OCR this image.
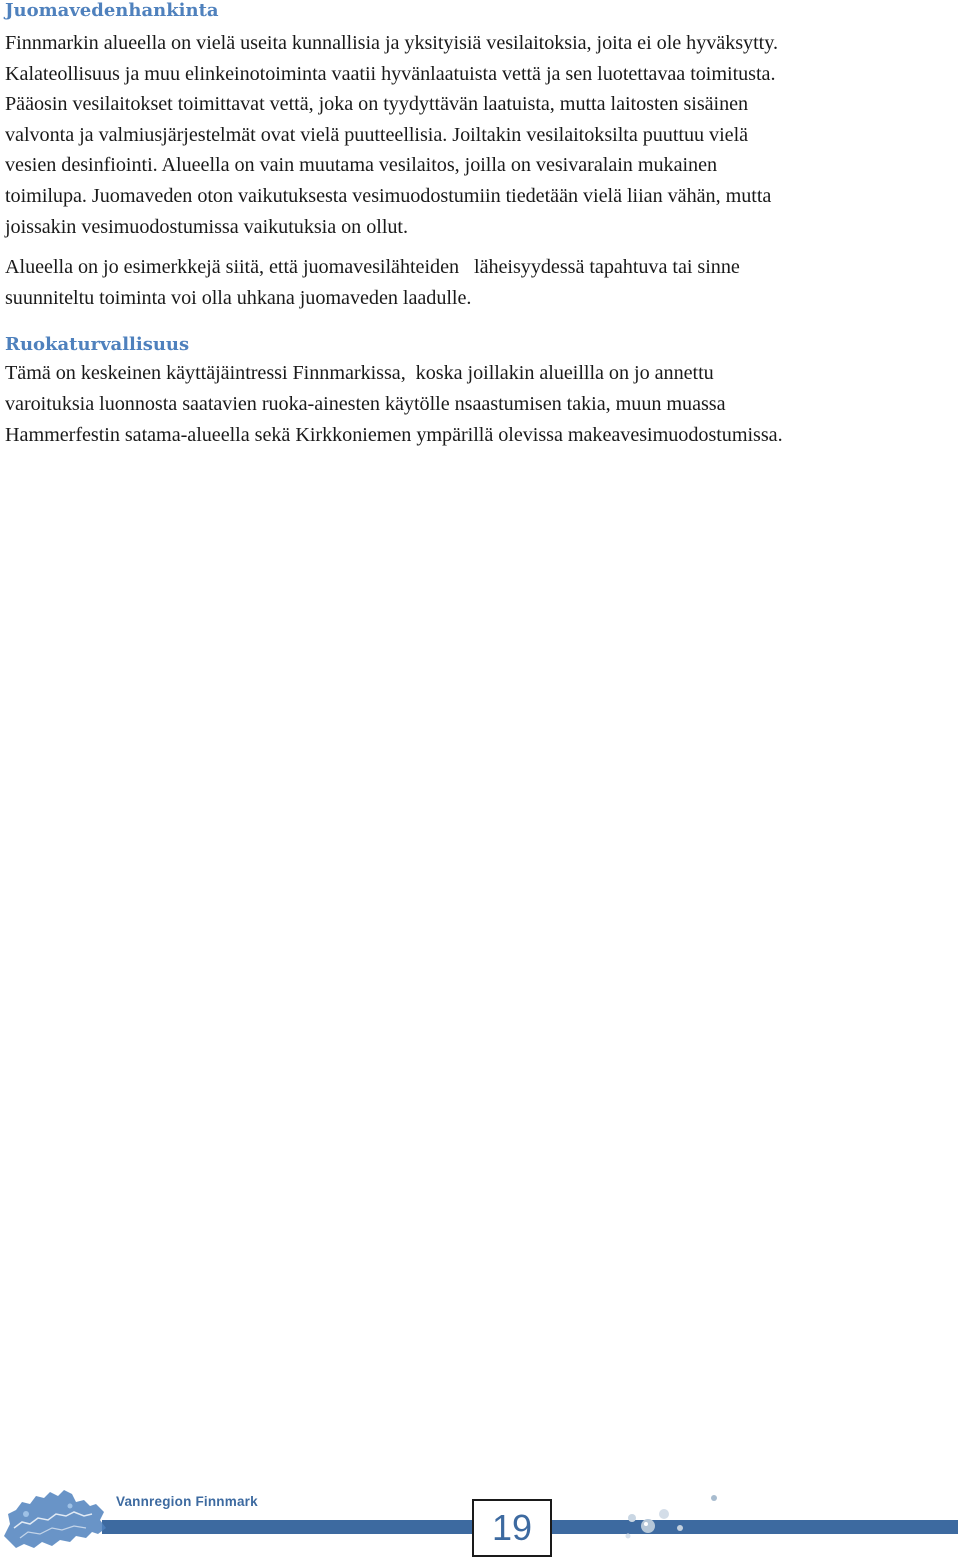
Juomavedenhankinta
Finnmarkin alueella on vielä useita kunnallisia ja yksityisiä vesilaitoksia, joita ei ole hyväksytty.
Kalateollisuus ja muu elinkeinotoiminta vaatii hyvänlaatuista vettä ja sen luotettavaa toimitusta.
Pääosin vesilaitokset toimittavat vettä, joka on tyydyttävän laatuista, mutta laitosten sisäinen
valvonta ja valmiusjärjestelmät ovat vielä puutteellisia. Joiltakin vesilaitoksilta puuttuu vielä
vesien desinfiointi. Alueella on vain muutama vesilaitos, joilla on vesivaralain mukainen
toimilupa. Juomaveden oton vaikutuksesta vesimuodostumiin tiedetään vielä liian vähän, mutta
joissakin vesimuodostumissa vaikutuksia on ollut.
Alueella on jo esimerkkejä siitä, että juomavesilähteiden   läheisyydessä tapahtuva tai sinne
suunniteltu toiminta voi olla uhkana juomaveden laadulle.
Ruokaturvallisuus
Tämä on keskeinen käyttäjäintressi Finnmarkissa,  koska joillakin alueillla on jo annettu
varoituksia luonnosta saatavien ruoka-ainesten käytölle nsaastumisen takia, muun muassa
Hammerfestin satama-alueella sekä Kirkkoniemen ympärillä olevissa makeavesimuodostumissa.
Vannregion Finnmark
19
